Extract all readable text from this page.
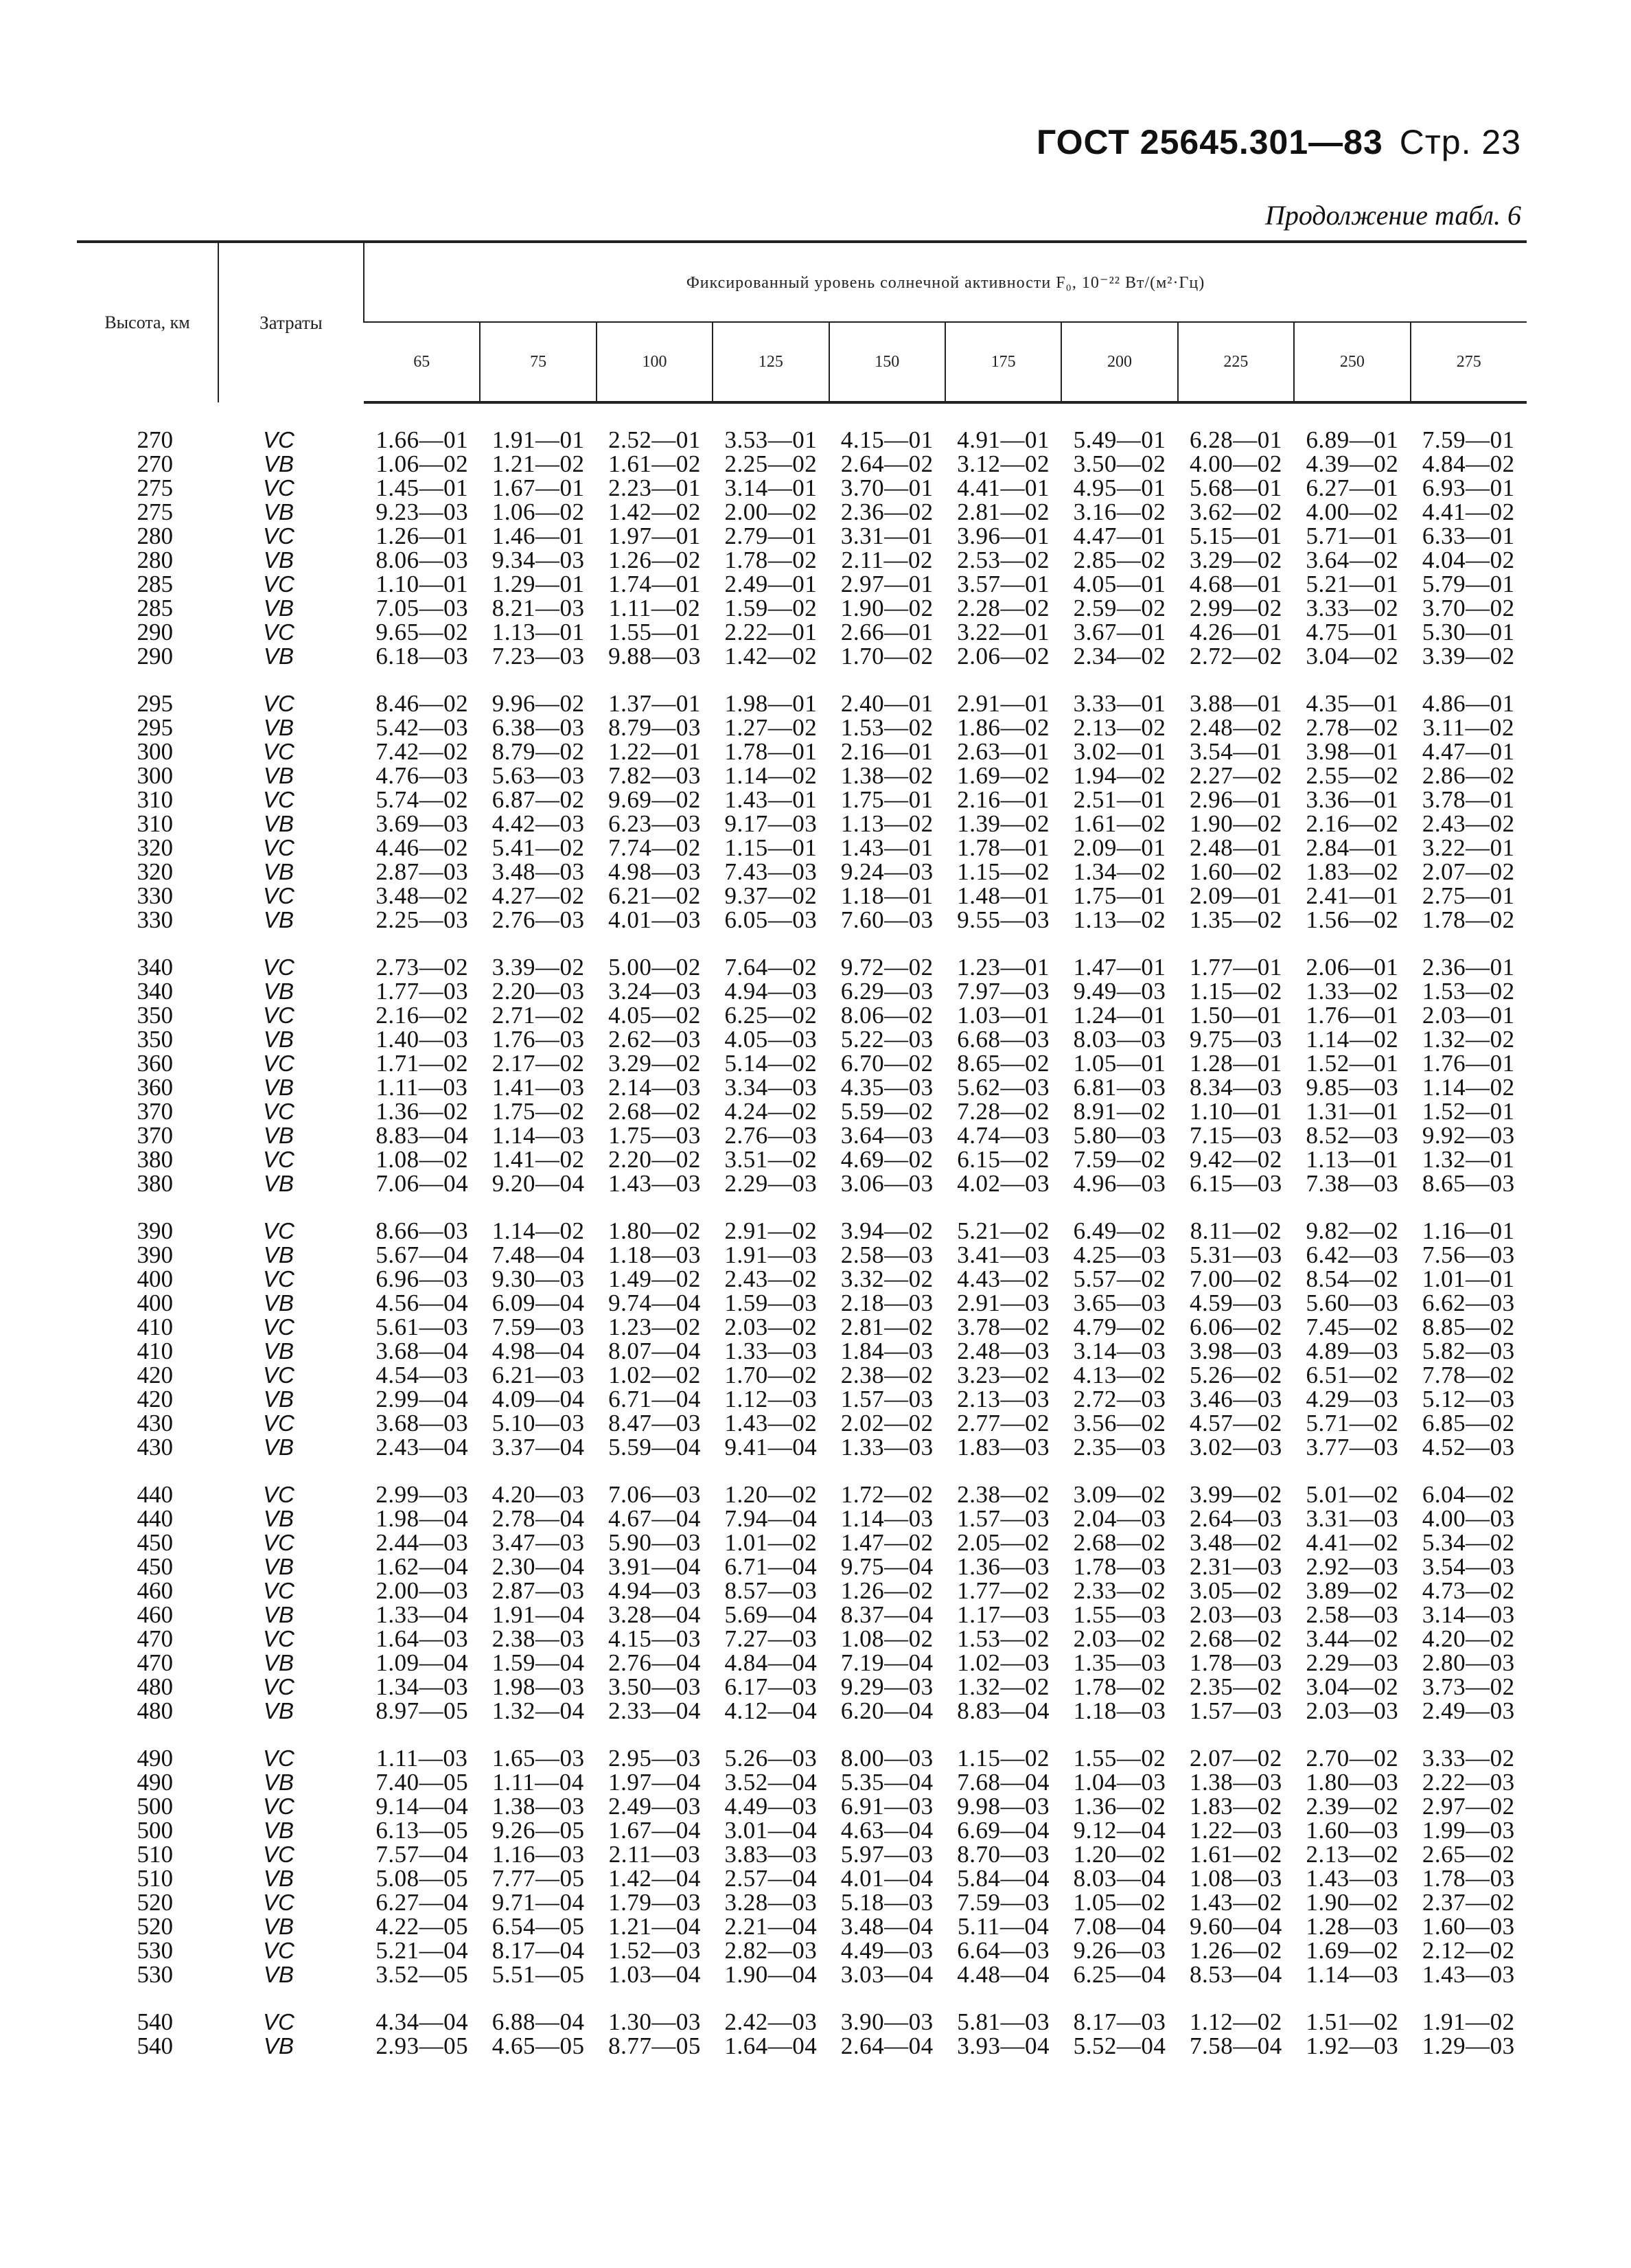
ГОСТ 25645.301—83 Стр. 23
Продолжение табл. 6
Высота, км	Затраты	Фиксированный уровень солнечной активности F₀, 10⁻²² Вт/(м²·Гц)									
		65	75	100	125	150	175	200	225	250	275

270	VC	1.66—01	1.91—01	2.52—01	3.53—01	4.15—01	4.91—01	5.49—01	6.28—01	6.89—01	7.59—01
270	VB	1.06—02	1.21—02	1.61—02	2.25—02	2.64—02	3.12—02	3.50—02	4.00—02	4.39—02	4.84—02
275	VC	1.45—01	1.67—01	2.23—01	3.14—01	3.70—01	4.41—01	4.95—01	5.68—01	6.27—01	6.93—01
275	VB	9.23—03	1.06—02	1.42—02	2.00—02	2.36—02	2.81—02	3.16—02	3.62—02	4.00—02	4.41—02
280	VC	1.26—01	1.46—01	1.97—01	2.79—01	3.31—01	3.96—01	4.47—01	5.15—01	5.71—01	6.33—01
280	VB	8.06—03	9.34—03	1.26—02	1.78—02	2.11—02	2.53—02	2.85—02	3.29—02	3.64—02	4.04—02
285	VC	1.10—01	1.29—01	1.74—01	2.49—01	2.97—01	3.57—01	4.05—01	4.68—01	5.21—01	5.79—01
285	VB	7.05—03	8.21—03	1.11—02	1.59—02	1.90—02	2.28—02	2.59—02	2.99—02	3.33—02	3.70—02
290	VC	9.65—02	1.13—01	1.55—01	2.22—01	2.66—01	3.22—01	3.67—01	4.26—01	4.75—01	5.30—01
290	VB	6.18—03	7.23—03	9.88—03	1.42—02	1.70—02	2.06—02	2.34—02	2.72—02	3.04—02	3.39—02

295	VC	8.46—02	9.96—02	1.37—01	1.98—01	2.40—01	2.91—01	3.33—01	3.88—01	4.35—01	4.86—01
295	VB	5.42—03	6.38—03	8.79—03	1.27—02	1.53—02	1.86—02	2.13—02	2.48—02	2.78—02	3.11—02
300	VC	7.42—02	8.79—02	1.22—01	1.78—01	2.16—01	2.63—01	3.02—01	3.54—01	3.98—01	4.47—01
300	VB	4.76—03	5.63—03	7.82—03	1.14—02	1.38—02	1.69—02	1.94—02	2.27—02	2.55—02	2.86—02
310	VC	5.74—02	6.87—02	9.69—02	1.43—01	1.75—01	2.16—01	2.51—01	2.96—01	3.36—01	3.78—01
310	VB	3.69—03	4.42—03	6.23—03	9.17—03	1.13—02	1.39—02	1.61—02	1.90—02	2.16—02	2.43—02
320	VC	4.46—02	5.41—02	7.74—02	1.15—01	1.43—01	1.78—01	2.09—01	2.48—01	2.84—01	3.22—01
320	VB	2.87—03	3.48—03	4.98—03	7.43—03	9.24—03	1.15—02	1.34—02	1.60—02	1.83—02	2.07—02
330	VC	3.48—02	4.27—02	6.21—02	9.37—02	1.18—01	1.48—01	1.75—01	2.09—01	2.41—01	2.75—01
330	VB	2.25—03	2.76—03	4.01—03	6.05—03	7.60—03	9.55—03	1.13—02	1.35—02	1.56—02	1.78—02

340	VC	2.73—02	3.39—02	5.00—02	7.64—02	9.72—02	1.23—01	1.47—01	1.77—01	2.06—01	2.36—01
340	VB	1.77—03	2.20—03	3.24—03	4.94—03	6.29—03	7.97—03	9.49—03	1.15—02	1.33—02	1.53—02
350	VC	2.16—02	2.71—02	4.05—02	6.25—02	8.06—02	1.03—01	1.24—01	1.50—01	1.76—01	2.03—01
350	VB	1.40—03	1.76—03	2.62—03	4.05—03	5.22—03	6.68—03	8.03—03	9.75—03	1.14—02	1.32—02
360	VC	1.71—02	2.17—02	3.29—02	5.14—02	6.70—02	8.65—02	1.05—01	1.28—01	1.52—01	1.76—01
360	VB	1.11—03	1.41—03	2.14—03	3.34—03	4.35—03	5.62—03	6.81—03	8.34—03	9.85—03	1.14—02
370	VC	1.36—02	1.75—02	2.68—02	4.24—02	5.59—02	7.28—02	8.91—02	1.10—01	1.31—01	1.52—01
370	VB	8.83—04	1.14—03	1.75—03	2.76—03	3.64—03	4.74—03	5.80—03	7.15—03	8.52—03	9.92—03
380	VC	1.08—02	1.41—02	2.20—02	3.51—02	4.69—02	6.15—02	7.59—02	9.42—02	1.13—01	1.32—01
380	VB	7.06—04	9.20—04	1.43—03	2.29—03	3.06—03	4.02—03	4.96—03	6.15—03	7.38—03	8.65—03

390	VC	8.66—03	1.14—02	1.80—02	2.91—02	3.94—02	5.21—02	6.49—02	8.11—02	9.82—02	1.16—01
390	VB	5.67—04	7.48—04	1.18—03	1.91—03	2.58—03	3.41—03	4.25—03	5.31—03	6.42—03	7.56—03
400	VC	6.96—03	9.30—03	1.49—02	2.43—02	3.32—02	4.43—02	5.57—02	7.00—02	8.54—02	1.01—01
400	VB	4.56—04	6.09—04	9.74—04	1.59—03	2.18—03	2.91—03	3.65—03	4.59—03	5.60—03	6.62—03
410	VC	5.61—03	7.59—03	1.23—02	2.03—02	2.81—02	3.78—02	4.79—02	6.06—02	7.45—02	8.85—02
410	VB	3.68—04	4.98—04	8.07—04	1.33—03	1.84—03	2.48—03	3.14—03	3.98—03	4.89—03	5.82—03
420	VC	4.54—03	6.21—03	1.02—02	1.70—02	2.38—02	3.23—02	4.13—02	5.26—02	6.51—02	7.78—02
420	VB	2.99—04	4.09—04	6.71—04	1.12—03	1.57—03	2.13—03	2.72—03	3.46—03	4.29—03	5.12—03
430	VC	3.68—03	5.10—03	8.47—03	1.43—02	2.02—02	2.77—02	3.56—02	4.57—02	5.71—02	6.85—02
430	VB	2.43—04	3.37—04	5.59—04	9.41—04	1.33—03	1.83—03	2.35—03	3.02—03	3.77—03	4.52—03

440	VC	2.99—03	4.20—03	7.06—03	1.20—02	1.72—02	2.38—02	3.09—02	3.99—02	5.01—02	6.04—02
440	VB	1.98—04	2.78—04	4.67—04	7.94—04	1.14—03	1.57—03	2.04—03	2.64—03	3.31—03	4.00—03
450	VC	2.44—03	3.47—03	5.90—03	1.01—02	1.47—02	2.05—02	2.68—02	3.48—02	4.41—02	5.34—02
450	VB	1.62—04	2.30—04	3.91—04	6.71—04	9.75—04	1.36—03	1.78—03	2.31—03	2.92—03	3.54—03
460	VC	2.00—03	2.87—03	4.94—03	8.57—03	1.26—02	1.77—02	2.33—02	3.05—02	3.89—02	4.73—02
460	VB	1.33—04	1.91—04	3.28—04	5.69—04	8.37—04	1.17—03	1.55—03	2.03—03	2.58—03	3.14—03
470	VC	1.64—03	2.38—03	4.15—03	7.27—03	1.08—02	1.53—02	2.03—02	2.68—02	3.44—02	4.20—02
470	VB	1.09—04	1.59—04	2.76—04	4.84—04	7.19—04	1.02—03	1.35—03	1.78—03	2.29—03	2.80—03
480	VC	1.34—03	1.98—03	3.50—03	6.17—03	9.29—03	1.32—02	1.78—02	2.35—02	3.04—02	3.73—02
480	VB	8.97—05	1.32—04	2.33—04	4.12—04	6.20—04	8.83—04	1.18—03	1.57—03	2.03—03	2.49—03

490	VC	1.11—03	1.65—03	2.95—03	5.26—03	8.00—03	1.15—02	1.55—02	2.07—02	2.70—02	3.33—02
490	VB	7.40—05	1.11—04	1.97—04	3.52—04	5.35—04	7.68—04	1.04—03	1.38—03	1.80—03	2.22—03
500	VC	9.14—04	1.38—03	2.49—03	4.49—03	6.91—03	9.98—03	1.36—02	1.83—02	2.39—02	2.97—02
500	VB	6.13—05	9.26—05	1.67—04	3.01—04	4.63—04	6.69—04	9.12—04	1.22—03	1.60—03	1.99—03
510	VC	7.57—04	1.16—03	2.11—03	3.83—03	5.97—03	8.70—03	1.20—02	1.61—02	2.13—02	2.65—02
510	VB	5.08—05	7.77—05	1.42—04	2.57—04	4.01—04	5.84—04	8.03—04	1.08—03	1.43—03	1.78—03
520	VC	6.27—04	9.71—04	1.79—03	3.28—03	5.18—03	7.59—03	1.05—02	1.43—02	1.90—02	2.37—02
520	VB	4.22—05	6.54—05	1.21—04	2.21—04	3.48—04	5.11—04	7.08—04	9.60—04	1.28—03	1.60—03
530	VC	5.21—04	8.17—04	1.52—03	2.82—03	4.49—03	6.64—03	9.26—03	1.26—02	1.69—02	2.12—02
530	VB	3.52—05	5.51—05	1.03—04	1.90—04	3.03—04	4.48—04	6.25—04	8.53—04	1.14—03	1.43—03

540	VC	4.34—04	6.88—04	1.30—03	2.42—03	3.90—03	5.81—03	8.17—03	1.12—02	1.51—02	1.91—02
540	VB	2.93—05	4.65—05	8.77—05	1.64—04	2.64—04	3.93—04	5.52—04	7.58—04	1.92—03	1.29—03
